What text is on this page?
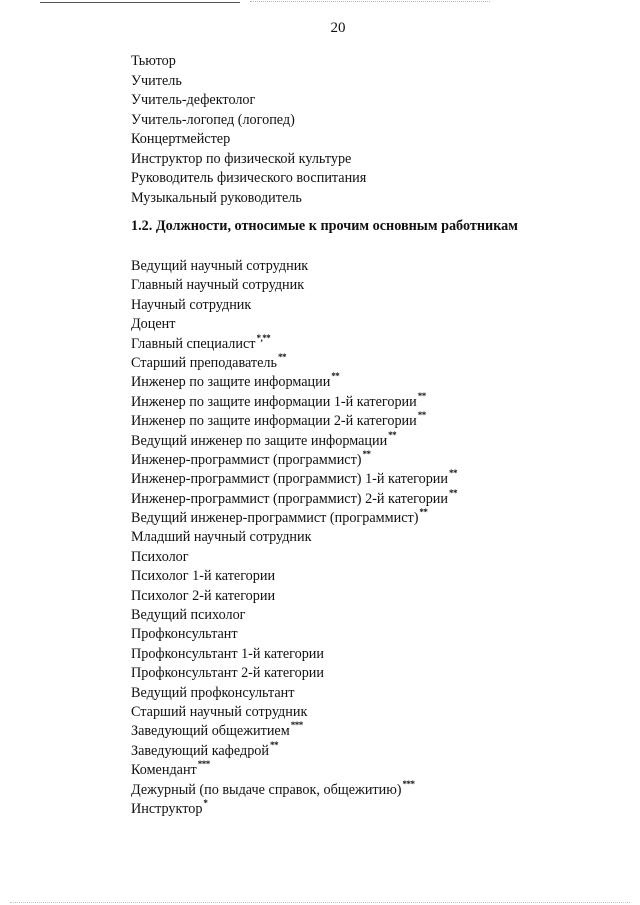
20
Тьютор
Учитель
Учитель-дефектолог
Учитель-логопед (логопед)
Концертмейстер
Инструктор по физической культуре
Руководитель физического воспитания
Музыкальный руководитель
1.2. Должности, относимые к прочим основным работникам
Ведущий научный сотрудник
Главный научный сотрудник
Научный сотрудник
Доцент
Главный специалист*,**
Старший преподаватель**
Инженер по защите информации**
Инженер по защите информации 1-й категории**
Инженер по защите информации 2-й категории**
Ведущий инженер по защите информации**
Инженер-программист (программист)**
Инженер-программист (программист) 1-й категории**
Инженер-программист (программист) 2-й категории**
Ведущий инженер-программист (программист)**
Младший научный сотрудник
Психолог
Психолог 1-й категории
Психолог 2-й категории
Ведущий психолог
Профконсультант
Профконсультант 1-й категории
Профконсультант 2-й категории
Ведущий профконсультант
Старший научный сотрудник
Заведующий общежитием***
Заведующий кафедрой**
Комендант***
Дежурный (по выдаче справок, общежитию)***
Инструктор*
